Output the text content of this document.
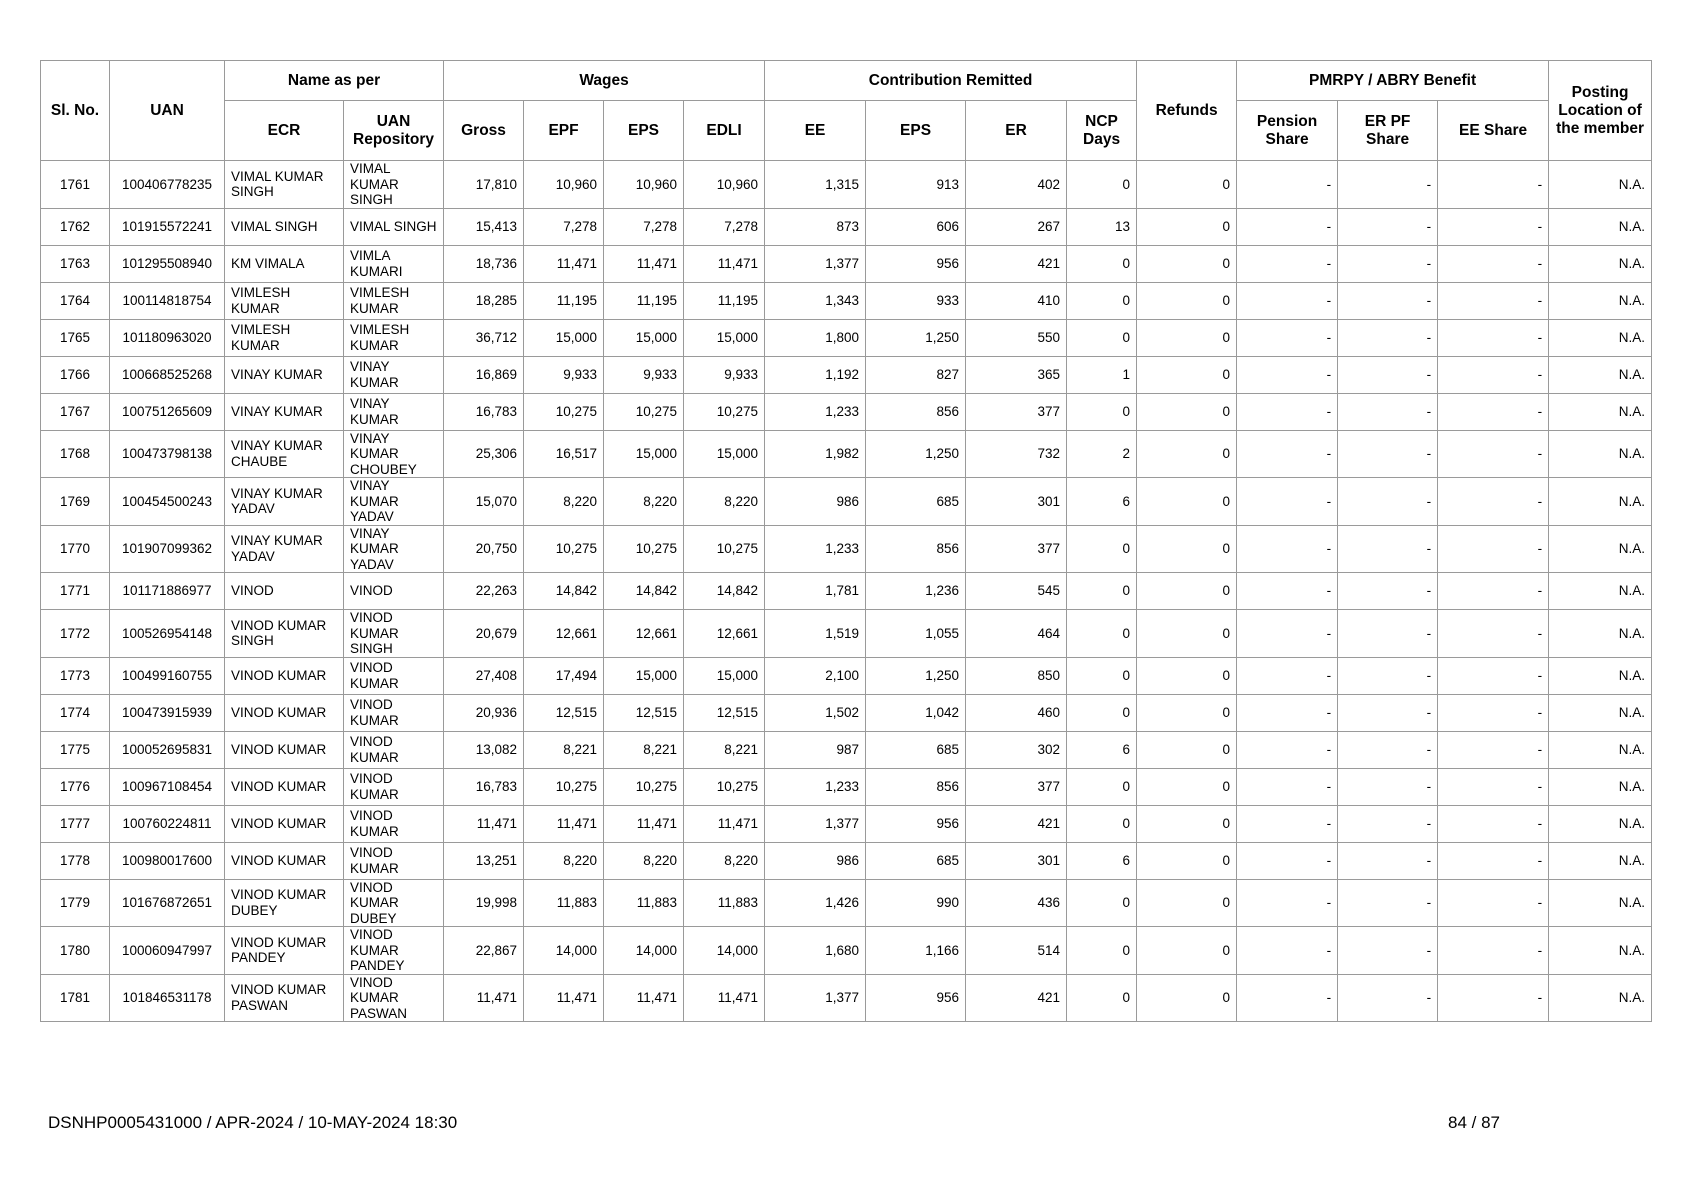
Sl. No.	UAN	Name as per		Wages				Contribution Remitted				Refunds	PMRPY / ABRY Benefit			Posting Location of the member
		ECR	UAN Repository	Gross	EPF	EPS	EDLI	EE	EPS	ER	NCP Days		Pension Share	ER PF Share	EE Share	
1761	100406778235	VIMAL KUMAR SINGH	VIMAL KUMAR SINGH	17,810	10,960	10,960	10,960	1,315	913	402	0	0	-	-	-	N.A.
1762	101915572241	VIMAL SINGH	VIMAL SINGH	15,413	7,278	7,278	7,278	873	606	267	13	0	-	-	-	N.A.
1763	101295508940	KM VIMALA	VIMLA KUMARI	18,736	11,471	11,471	11,471	1,377	956	421	0	0	-	-	-	N.A.
1764	100114818754	VIMLESH KUMAR	VIMLESH KUMAR	18,285	11,195	11,195	11,195	1,343	933	410	0	0	-	-	-	N.A.
1765	101180963020	VIMLESH KUMAR	VIMLESH KUMAR	36,712	15,000	15,000	15,000	1,800	1,250	550	0	0	-	-	-	N.A.
1766	100668525268	VINAY KUMAR	VINAY KUMAR	16,869	9,933	9,933	9,933	1,192	827	365	1	0	-	-	-	N.A.
1767	100751265609	VINAY KUMAR	VINAY KUMAR	16,783	10,275	10,275	10,275	1,233	856	377	0	0	-	-	-	N.A.
1768	100473798138	VINAY KUMAR CHAUBE	VINAY KUMAR CHOUBEY	25,306	16,517	15,000	15,000	1,982	1,250	732	2	0	-	-	-	N.A.
1769	100454500243	VINAY KUMAR YADAV	VINAY KUMAR YADAV	15,070	8,220	8,220	8,220	986	685	301	6	0	-	-	-	N.A.
1770	101907099362	VINAY KUMAR YADAV	VINAY KUMAR YADAV	20,750	10,275	10,275	10,275	1,233	856	377	0	0	-	-	-	N.A.
1771	101171886977	VINOD	VINOD	22,263	14,842	14,842	14,842	1,781	1,236	545	0	0	-	-	-	N.A.
1772	100526954148	VINOD KUMAR SINGH	VINOD KUMAR SINGH	20,679	12,661	12,661	12,661	1,519	1,055	464	0	0	-	-	-	N.A.
1773	100499160755	VINOD KUMAR	VINOD KUMAR	27,408	17,494	15,000	15,000	2,100	1,250	850	0	0	-	-	-	N.A.
1774	100473915939	VINOD KUMAR	VINOD KUMAR	20,936	12,515	12,515	12,515	1,502	1,042	460	0	0	-	-	-	N.A.
1775	100052695831	VINOD KUMAR	VINOD KUMAR	13,082	8,221	8,221	8,221	987	685	302	6	0	-	-	-	N.A.
1776	100967108454	VINOD KUMAR	VINOD KUMAR	16,783	10,275	10,275	10,275	1,233	856	377	0	0	-	-	-	N.A.
1777	100760224811	VINOD KUMAR	VINOD KUMAR	11,471	11,471	11,471	11,471	1,377	956	421	0	0	-	-	-	N.A.
1778	100980017600	VINOD KUMAR	VINOD KUMAR	13,251	8,220	8,220	8,220	986	685	301	6	0	-	-	-	N.A.
1779	101676872651	VINOD KUMAR DUBEY	VINOD KUMAR DUBEY	19,998	11,883	11,883	11,883	1,426	990	436	0	0	-	-	-	N.A.
1780	100060947997	VINOD KUMAR PANDEY	VINOD KUMAR PANDEY	22,867	14,000	14,000	14,000	1,680	1,166	514	0	0	-	-	-	N.A.
1781	101846531178	VINOD KUMAR PASWAN	VINOD KUMAR PASWAN	11,471	11,471	11,471	11,471	1,377	956	421	0	0	-	-	-	N.A.
DSNHP0005431000 / APR-2024 / 10-MAY-2024 18:30	84 / 87
